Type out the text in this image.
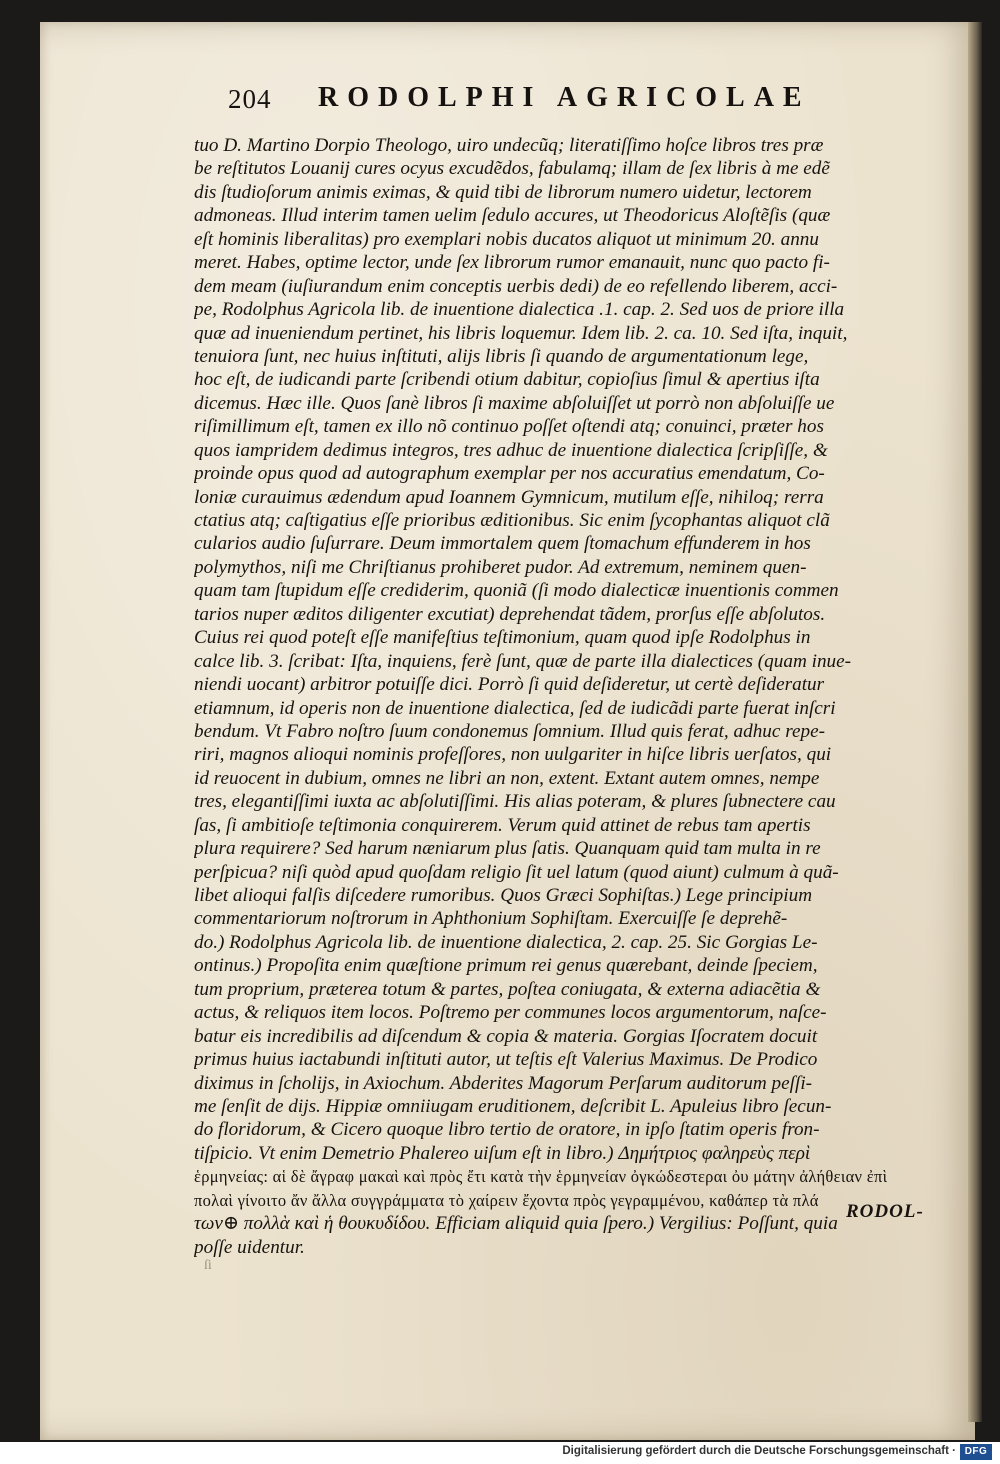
204 RODOLPHI AGRICOLAE
tuo D. Martino Dorpio Theologo, uiro undecũq; literatiſſimo hoſce libros tres præ
be reſtitutos Louanij cures ocyus excudẽdos, fabulamq; illam de ſex libris à me edẽ
dis ſtudioſorum animis eximas, & quid tibi de librorum numero uidetur, lectorem
admoneas. Illud interim tamen uelim ſedulo accures, ut Theodoricus Aloſtẽſis (quæ
eſt hominis liberalitas) pro exemplari nobis ducatos aliquot ut minimum 20. annu
meret. Habes, optime lector, unde ſex librorum rumor emanauit, nunc quo pacto fi-
dem meam (iuſiurandum enim conceptis uerbis dedi) de eo refellendo liberem, acci-
pe, Rodolphus Agricola lib. de inuentione dialectica .1. cap. 2. Sed uos de priore illa
quæ ad inueniendum pertinet, his libris loquemur. Idem lib. 2. ca. 10. Sed iſta, inquit,
tenuiora ſunt, nec huius inſtituti, alijs libris ſi quando de argumentationum lege,
hoc eſt, de iudicandi parte ſcribendi otium dabitur, copioſius ſimul & apertius iſta
dicemus. Hæc ille. Quos ſanè libros ſi maxime abſoluiſſet ut porrò non abſoluiſſe ue
riſimillimum eſt, tamen ex illo nõ continuo poſſet oſtendi atq; conuinci, præter hos
quos iampridem dedimus integros, tres adhuc de inuentione dialectica ſcripſiſſe, &
proinde opus quod ad autographum exemplar per nos accuratius emendatum, Co-
loniæ curauimus ædendum apud Ioannem Gymnicum, mutilum eſſe, nihiloq; rerra
ctatius atq; caſtigatius eſſe prioribus æditionibus. Sic enim ſycophantas aliquot clã
cularios audio ſuſurrare. Deum immortalem quem ſtomachum effunderem in hos
polymythos, niſi me Chriſtianus prohiberet pudor. Ad extremum, neminem quen-
quam tam ſtupidum eſſe crediderim, quoniã (ſi modo dialecticæ inuentionis commen
tarios nuper æditos diligenter excutiat) deprehendat tãdem, prorſus eſſe abſolutos.
Cuius rei quod poteſt eſſe manifeſtius teſtimonium, quam quod ipſe Rodolphus in
calce lib. 3. ſcribat: Iſta, inquiens, ferè ſunt, quæ de parte illa dialectices (quam inue-
niendi uocant) arbitror potuiſſe dici. Porrò ſi quid deſideretur, ut certè deſideratur
etiamnum, id operis non de inuentione dialectica, ſed de iudicãdi parte fuerat inſcri
bendum. Vt Fabro noſtro ſuum condonemus ſomnium. Illud quis ferat, adhuc repe-
riri, magnos alioqui nominis profeſſores, non uulgariter in hiſce libris uerſatos, qui
id reuocent in dubium, omnes ne libri an non, extent. Extant autem omnes, nempe
tres, elegantiſſimi iuxta ac abſolutiſſimi. His alias poteram, & plures ſubnectere cau
ſas, ſi ambitioſe teſtimonia conquirerem. Verum quid attinet de rebus tam apertis
plura requirere? Sed harum næniarum plus ſatis. Quanquam quid tam multa in re
perſpicua? niſi quòd apud quoſdam religio ſit uel latum (quod aiunt) culmum à quã-
libet alioqui falſis diſcedere rumoribus. Quos Græci Sophiſtas.) Lege principium
commentariorum noſtrorum in Aphthonium Sophiſtam. Exercuiſſe ſe deprehẽ-
do.) Rodolphus Agricola lib. de inuentione dialectica, 2. cap. 25. Sic Gorgias Le-
ontinus.) Propoſita enim quæſtione primum rei genus quærebant, deinde ſpeciem,
tum proprium, præterea totum & partes, poſtea coniugata, & externa adiacẽtia &
actus, & reliquos item locos. Poſtremo per communes locos argumentorum, naſce-
batur eis incredibilis ad diſcendum & copia & materia. Gorgias Iſocratem docuit
primus huius iactabundi inſtituti autor, ut teſtis eſt Valerius Maximus. De Prodico
diximus in ſcholijs, in Axiochum. Abderites Magorum Perſarum auditorum peſſi-
me ſenſit de dijs. Hippiæ omniiugam eruditionem, deſcribit L. Apuleius libro ſecun-
do floridorum, & Cicero quoque libro tertio de oratore, in ipſo ſtatim operis fron-
tiſpicio. Vt enim Demetrio Phalereo uiſum eſt in libro.) Δημήτριος φαληρεὺς περὶ
ἑρμηνείας: αἱ δὲ ἄγραφ μακαὶ καὶ πρὸς ἔτι κατὰ τὴν ἑρμηνείαν ὀγκώδεστεραι ὀυ μάτην ἀλήθειαν ἐπὶ
πολαὶ γίνοιτο ἄν ἄλλα συγγράμματα τὸ χαίρειν ἔχοντα πρὸς γεγραμμένου, καθάπερ τὰ πλά
των⊕ πολλὰ καὶ ἡ θουκυδίδου. Efficiam aliquid quia ſpero.) Vergilius: Poſſunt, quia
poſſe uidentur.
RODOL-
ſi
Digitalisierung gefördert durch die Deutsche Forschungsgemeinschaft · DFG
